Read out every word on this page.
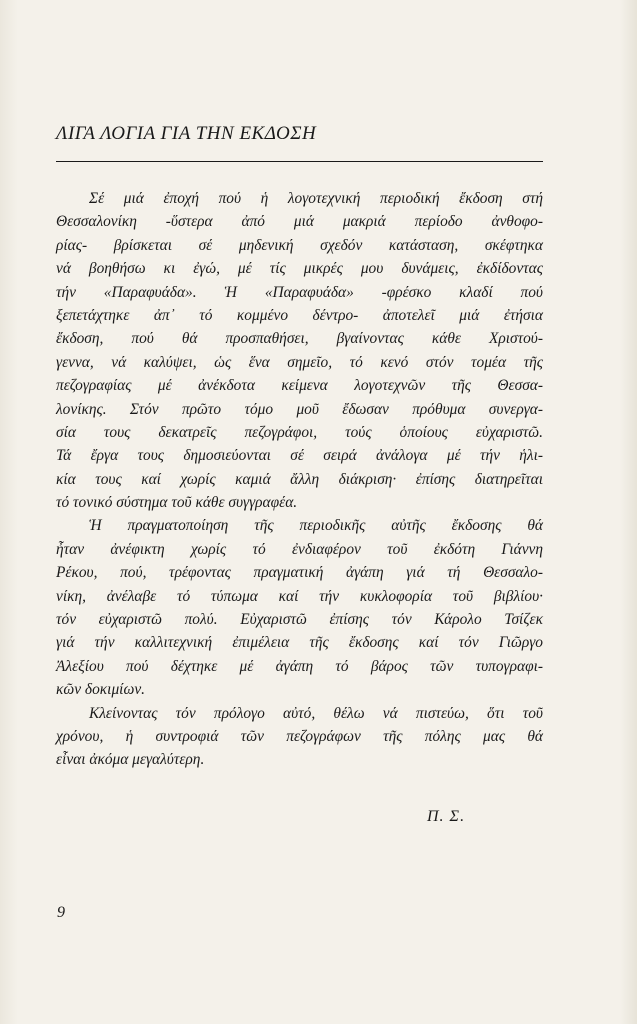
ΛΙΓΑ ΛΟΓΙΑ ΓΙΑ ΤΗΝ ΕΚΔΟΣΗ
Σέ μιά ἐποχή πού ἡ λογοτεχνική περιοδική ἔκδοση στή
Θεσσαλονίκη -ὕστερα ἀπό μιά μακριά περίοδο ἀνθοφο-
ρίας- βρίσκεται σέ μηδενική σχεδόν κατάσταση, σκέφτηκα
νά βοηθήσω κι ἐγώ, μέ τίς μικρές μου δυνάμεις, ἐκδίδοντας
τήν «Παραφυάδα». Ἡ «Παραφυάδα» -φρέσκο κλαδί πού
ξεπετάχτηκε ἀπ᾽ τό κομμένο δέντρο- ἀποτελεῖ μιά ἐτήσια
ἔκδοση, πού θά προσπαθήσει, βγαίνοντας κάθε Χριστού-
γεννα, νά καλύψει, ὡς ἕνα σημεῖο, τό κενό στόν τομέα τῆς
πεζογραφίας μέ ἀνέκδοτα κείμενα λογοτεχνῶν τῆς Θεσσα-
λονίκης. Στόν πρῶτο τόμο μοῦ ἔδωσαν πρόθυμα συνεργα-
σία τους δεκατρεῖς πεζογράφοι, τούς ὁποίους εὐχαριστῶ.
Τά ἔργα τους δημοσιεύονται σέ σειρά ἀνάλογα μέ τήν ἡλι-
κία τους καί χωρίς καμιά ἄλλη διάκριση· ἐπίσης διατηρεῖται
τό τονικό σύστημα τοῦ κάθε συγγραφέα.
Ἡ πραγματοποίηση τῆς περιοδικῆς αὐτῆς ἔκδοσης θά
ἦταν ἀνέφικτη χωρίς τό ἐνδιαφέρον τοῦ ἐκδότη Γιάννη
Ρέκου, πού, τρέφοντας πραγματική ἀγάπη γιά τή Θεσσαλο-
νίκη, ἀνέλαβε τό τύπωμα καί τήν κυκλοφορία τοῦ βιβλίου·
τόν εὐχαριστῶ πολύ. Εὐχαριστῶ ἐπίσης τόν Κάρολο Τσίζεκ
γιά τήν καλλιτεχνική ἐπιμέλεια τῆς ἔκδοσης καί τόν Γιῶργο
Ἀλεξίου πού δέχτηκε μέ ἀγάπη τό βάρος τῶν τυπογραφι-
κῶν δοκιμίων.
Κλείνοντας τόν πρόλογο αὐτό, θέλω νά πιστεύω, ὅτι τοῦ
χρόνου, ἡ συντροφιά τῶν πεζογράφων τῆς πόλης μας θά
εἶναι ἀκόμα μεγαλύτερη.
Π. Σ.
9
